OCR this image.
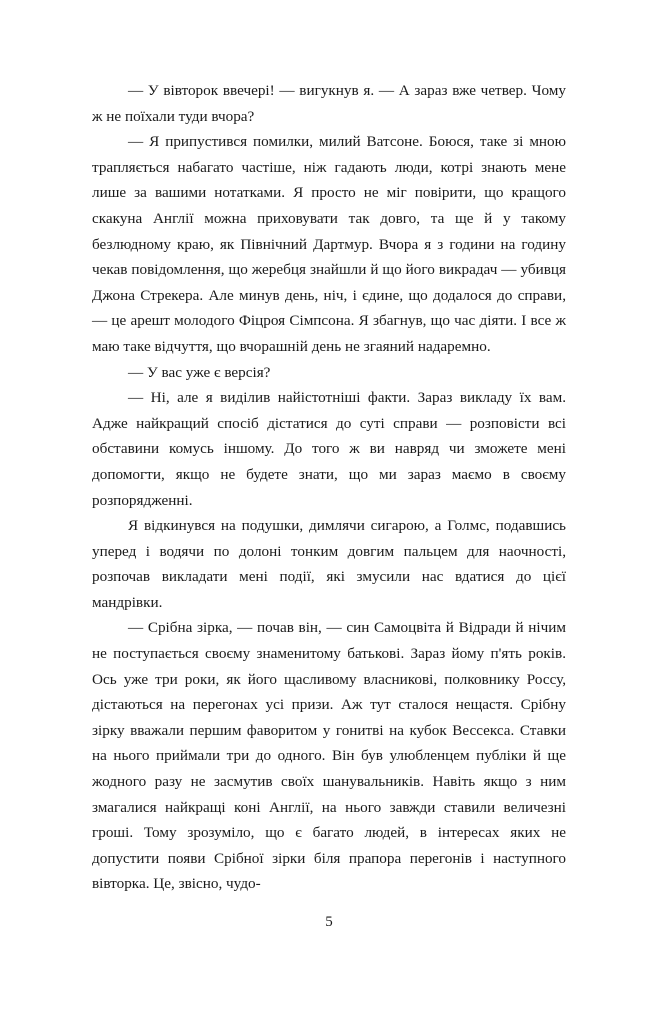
— У вівторок ввечері! — вигукнув я. — А зараз вже четвер. Чому ж не поїхали туди вчора?

— Я припустився помилки, милий Ватсоне. Боюся, таке зі мною трапляється набагато частіше, ніж гадають люди, котрі знають мене лише за вашими нотатками. Я просто не міг повірити, що кращого скакуна Англії можна приховувати так довго, та ще й у такому безлюдному краю, як Північний Дартмур. Вчора я з години на годину чекав повідомлення, що жеребця знайшли й що його викрадач — убивця Джона Стрекера. Але минув день, ніч, і єдине, що додалося до справи, — це арешт молодого Фіцроя Сімпсона. Я збагнув, що час діяти. І все ж маю таке відчуття, що вчорашній день не згаяний надаремно.

— У вас уже є версія?

— Ні, але я виділив найістотніші факти. Зараз викладу їх вам. Адже найкращий спосіб дістатися до суті справи — розповісти всі обставини комусь іншому. До того ж ви навряд чи зможете мені допомогти, якщо не будете знати, що ми зараз маємо в своєму розпорядженні.

Я відкинувся на подушки, димлячи сигарою, а Голмс, подавшись уперед і водячи по долоні тонким довгим пальцем для наочності, розпочав викладати мені події, які змусили нас вдатися до цієї мандрівки.

— Срібна зірка, — почав він, — син Самоцвіта й Відради й нічим не поступається своєму знаменитому батькові. Зараз йому п'ять років. Ось уже три роки, як його щасливому власникові, полковнику Россу, дістаються на перегонах усі призи. Аж тут сталося нещастя. Срібну зірку вважали першим фаворитом у гонитві на кубок Вессекса. Ставки на нього приймали три до одного. Він був улюбленцем публіки й ще жодного разу не засмутив своїх шанувальників. Навіть якщо з ним змагалися найкращі коні Англії, на нього завжди ставили величезні гроші. Тому зрозуміло, що є багато людей, в інтересах яких не допустити появи Срібної зірки біля прапора перегонів і наступного вівторка. Це, звісно, чудо-

5
